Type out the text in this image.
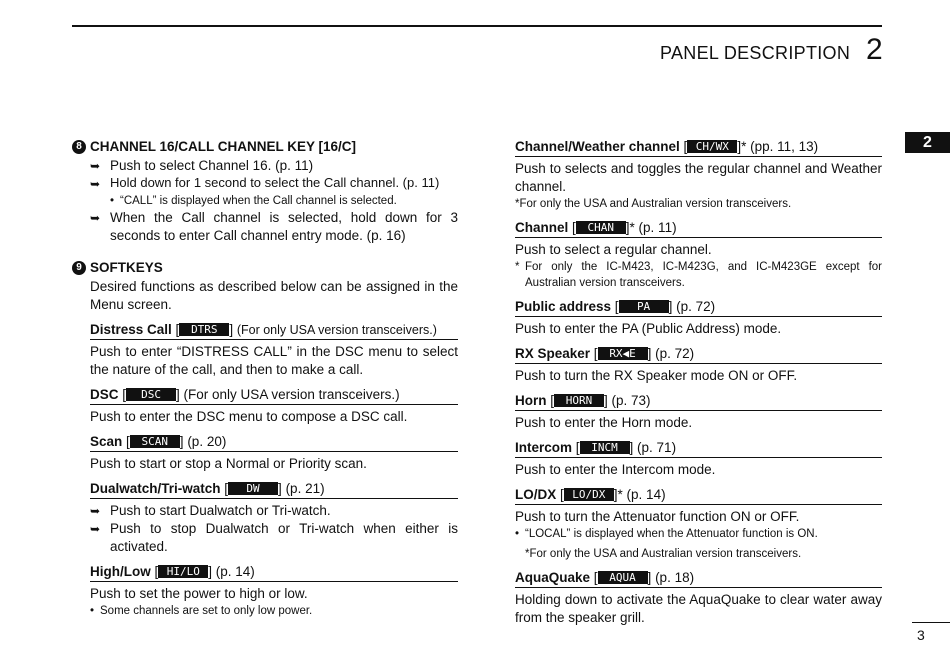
PANEL DESCRIPTION 2
2
3
8 CHANNEL 16/CALL CHANNEL KEY [16/C]
➥ Push to select Channel 16. (p. 11)
➥ Hold down for 1 second to select the Call channel. (p. 11)
• “CALL” is displayed when the Call channel is selected.
➥ When the Call channel is selected, hold down for 3 seconds to enter Call channel entry mode. (p. 16)
9 SOFTKEYS
Desired functions as described below can be assigned in the Menu screen.
Distress Call [ DTRS ] (For only USA version transceivers.)
Push to enter “DISTRESS CALL” in the DSC menu to select the nature of the call, and then to make a call.
DSC [ DSC ] (For only USA version transceivers.)
Push to enter the DSC menu to compose a DSC call.
Scan [ SCAN ] (p. 20)
Push to start or stop a Normal or Priority scan.
Dualwatch/Tri-watch [ DW ] (p. 21)
➥ Push to start Dualwatch or Tri-watch.
➥ Push to stop Dualwatch or Tri-watch when either is activated.
High/Low [ HI/LO ] (p. 14)
Push to set the power to high or low.
• Some channels are set to only low power.
Channel/Weather channel [ CH/WX ]* (pp. 11, 13)
Push to selects and toggles the regular channel and Weather channel.
*For only the USA and Australian version transceivers.
Channel [ CHAN ]* (p. 11)
Push to select a regular channel.
* For only the IC-M423, IC-M423G, and IC-M423GE except for Australian version transceivers.
Public address [ PA ] (p. 72)
Push to enter the PA (Public Address) mode.
RX Speaker [ RX◀E ] (p. 72)
Push to turn the RX Speaker mode ON or OFF.
Horn [ HORN ] (p. 73)
Push to enter the Horn mode.
Intercom [ INCM ] (p. 71)
Push to enter the Intercom mode.
LO/DX [ LO/DX ]* (p. 14)
Push to turn the Attenuator function ON or OFF.
• “LOCAL” is displayed when the Attenuator function is ON.
*For only the USA and Australian version transceivers.
AquaQuake [ AQUA ] (p. 18)
Holding down to activate the AquaQuake to clear water away from the speaker grill.
